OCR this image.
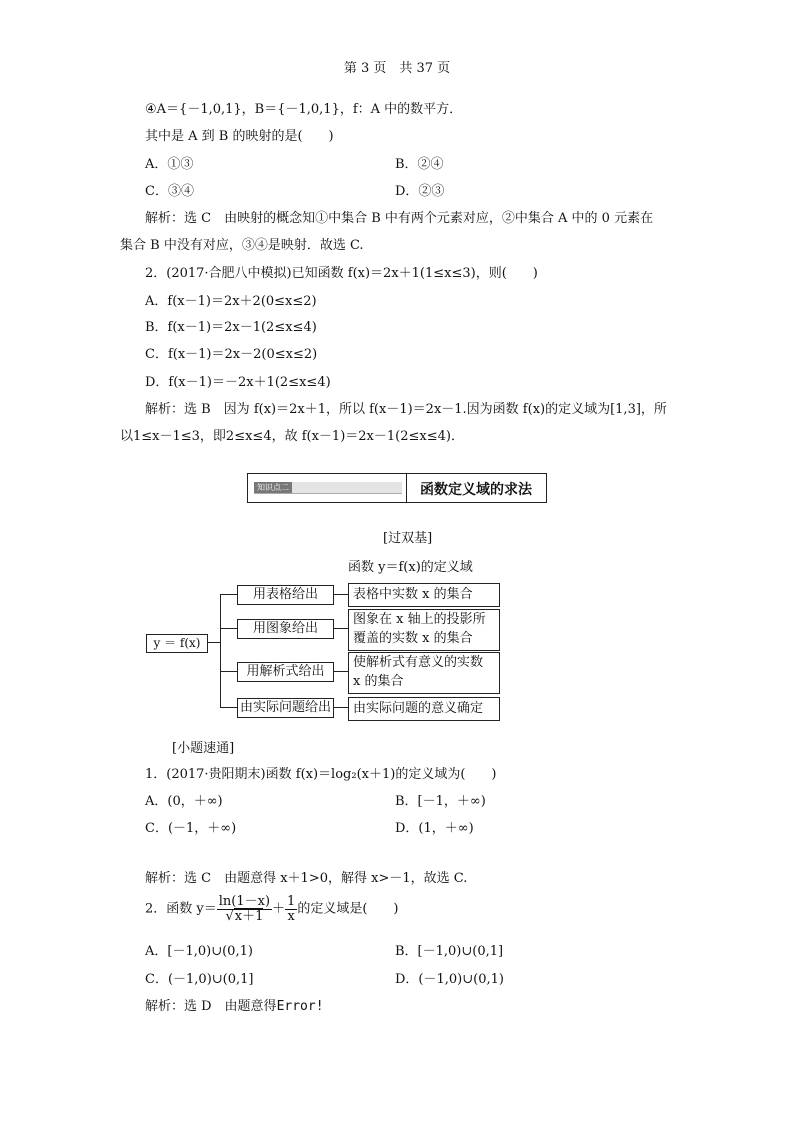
第 3 页　共 37 页
④A＝{－1,0,1}，B＝{－1,0,1}，f：A 中的数平方．
其中是 A 到 B 的映射的是(　　)
A．①③	B．②④
C．③④	D．②③
解析：选 C　由映射的概念知①中集合 B 中有两个元素对应，②中集合 A 中的 0 元素在
集合 B 中没有对应，③④是映射．故选 C.
2．(2017·合肥八中模拟)已知函数 f(x)＝2x＋1(1≤x≤3)，则(　　)
A．f(x－1)＝2x＋2(0≤x≤2)
B．f(x－1)＝2x－1(2≤x≤4)
C．f(x－1)＝2x－2(0≤x≤2)
D．f(x－1)＝－2x＋1(2≤x≤4)
解析：选 B　因为 f(x)＝2x＋1，所以 f(x－1)＝2x－1.因为函数 f(x)的定义域为[1,3]，所
以1≤x－1≤3，即2≤x≤4，故 f(x－1)＝2x－1(2≤x≤4)．
知识点二	函数定义域的求法
[过双基]
函数 y＝f(x)的定义域
y ＝ f(x)
用表格给出
用图象给出
用解析式给出
由实际问题给出
表格中实数 x 的集合
图象在 x 轴上的投影所
覆盖的实数 x 的集合
使解析式有意义的实数
x 的集合
由实际问题的意义确定
[小题速通]
1．(2017·贵阳期末)函数 f(x)＝log₂(x＋1)的定义域为(　　)
A．(0，＋∞)	B．[－1，＋∞)
C．(－1，＋∞)	D．(1，＋∞)
解析：选 C　由题意得 x＋1>0，解得 x>－1，故选 C.
2．函数 $y= \frac{\ln(1-x)}{√x+1} + \frac{1}{x}$ 的定义域是(　　)
A．[－1,0)∪(0,1)	B．[－1,0)∪(0,1]
C．(－1,0)∪(0,1]	D．(－1,0)∪(0,1)
解析：选 D　由题意得Error!
